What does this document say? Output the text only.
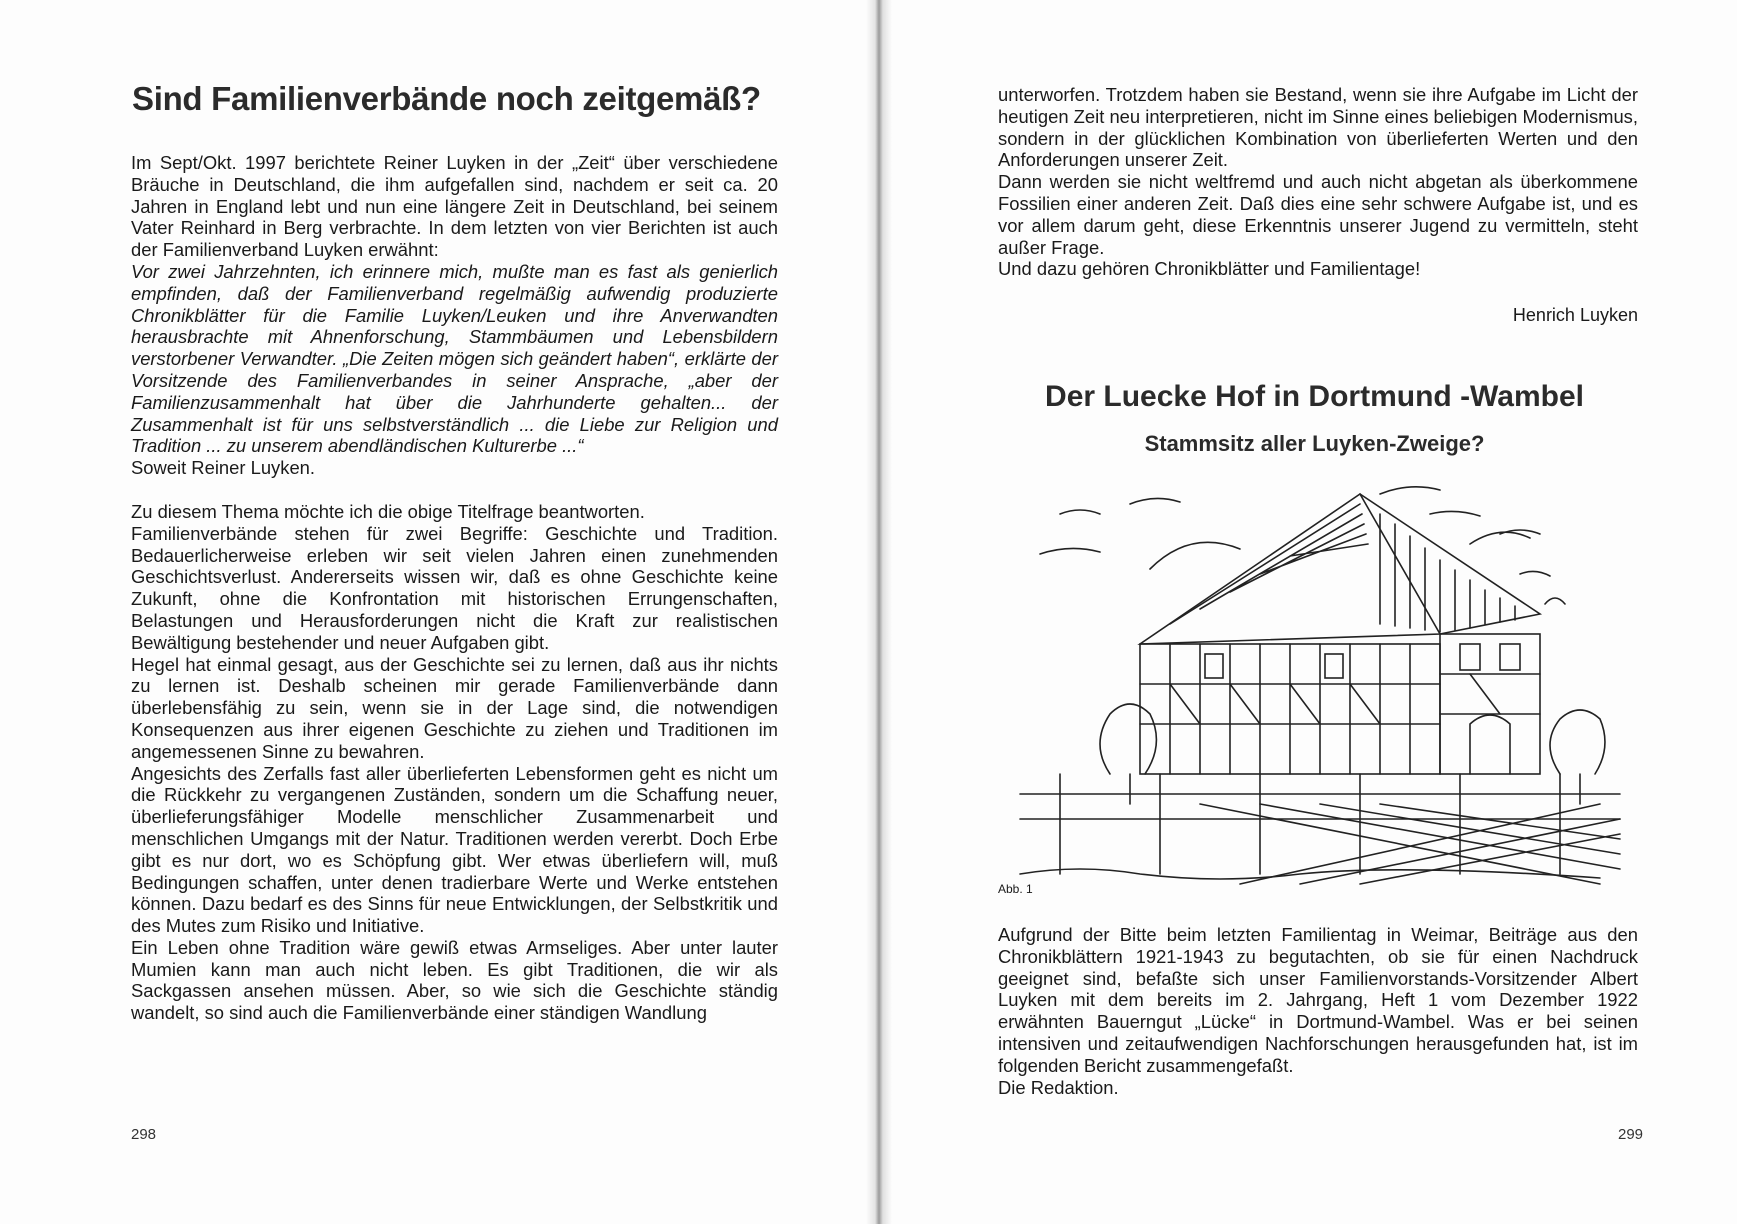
Sind Familienverbände noch zeitgemäß?

Im Sept/Okt. 1997 berichtete Reiner Luyken in der „Zeit“ über verschiedene Bräuche in Deutschland, die ihm aufgefallen sind, nachdem er seit ca. 20 Jahren in England lebt und nun eine längere Zeit in Deutschland, bei seinem Vater Reinhard in Berg verbrachte. In dem letzten von vier Berichten ist auch der Familienverband Luyken erwähnt:

Vor zwei Jahrzehnten, ich erinnere mich, mußte man es fast als genierlich empfinden, daß der Familienverband regelmäßig aufwendig produzierte Chronikblätter für die Familie Luyken/Leuken und ihre Anverwandten herausbrachte mit Ahnenforschung, Stammbäumen und Lebensbildern verstorbener Verwandter. „Die Zeiten mögen sich geändert haben“, erklärte der Vorsitzende des Familienverbandes in seiner Ansprache, „aber der Familienzusammenhalt hat über die Jahrhunderte gehalten... der Zusammenhalt ist für uns selbstverständlich ... die Liebe zur Religion und Tradition ... zu unserem abendländischen Kulturerbe ...“

Soweit Reiner Luyken.

Zu diesem Thema möchte ich die obige Titelfrage beantworten.

Familienverbände stehen für zwei Begriffe: Geschichte und Tradition. Bedauerlicherweise erleben wir seit vielen Jahren einen zunehmenden Geschichtsverlust. Andererseits wissen wir, daß es ohne Geschichte keine Zukunft, ohne die Konfrontation mit historischen Errungenschaften, Belastungen und Herausforderungen nicht die Kraft zur realistischen Bewältigung bestehender und neuer Aufgaben gibt.

Hegel hat einmal gesagt, aus der Geschichte sei zu lernen, daß aus ihr nichts zu lernen ist. Deshalb scheinen mir gerade Familienverbände dann überlebensfähig zu sein, wenn sie in der Lage sind, die notwendigen Konsequenzen aus ihrer eigenen Geschichte zu ziehen und Traditionen im angemessenen Sinne zu bewahren.

Angesichts des Zerfalls fast aller überlieferten Lebensformen geht es nicht um die Rückkehr zu vergangenen Zuständen, sondern um die Schaffung neuer, überlieferungsfähiger Modelle menschlicher Zusammenarbeit und menschlichen Umgangs mit der Natur. Traditionen werden vererbt. Doch Erbe gibt es nur dort, wo es Schöpfung gibt. Wer etwas überliefern will, muß Bedingungen schaffen, unter denen tradierbare Werte und Werke entstehen können. Dazu bedarf es des Sinns für neue Entwicklungen, der Selbstkritik und des Mutes zum Risiko und Initiative.

Ein Leben ohne Tradition wäre gewiß etwas Armseliges. Aber unter lauter Mumien kann man auch nicht leben. Es gibt Traditionen, die wir als Sackgassen ansehen müssen. Aber, so wie sich die Geschichte ständig wandelt, so sind auch die Familienverbände einer ständigen Wandlung

298

unterworfen. Trotzdem haben sie Bestand, wenn sie ihre Aufgabe im Licht der heutigen Zeit neu interpretieren, nicht im Sinne eines beliebigen Modernismus, sondern in der glücklichen Kombination von überlieferten Werten und den Anforderungen unserer Zeit.

Dann werden sie nicht weltfremd und auch nicht abgetan als überkommene Fossilien einer anderen Zeit. Daß dies eine sehr schwere Aufgabe ist, und es vor allem darum geht, diese Erkenntnis unserer Jugend zu vermitteln, steht außer Frage.

Und dazu gehören Chronikblätter und Familientage!

Henrich Luyken
Der Luecke Hof in Dortmund -Wambel
Stammsitz aller Luyken-Zweige?
Abb. 1

Aufgrund der Bitte beim letzten Familientag in Weimar, Beiträge aus den Chronikblättern 1921-1943 zu begutachten, ob sie für einen Nachdruck geeignet sind, befaßte sich unser Familienvorstands-Vorsitzender Albert Luyken mit dem bereits im 2. Jahrgang, Heft 1 vom Dezember 1922 erwähnten Bauerngut „Lücke“ in Dortmund-Wambel. Was er bei seinen intensiven und zeitaufwendigen Nachforschungen herausgefunden hat, ist im folgenden Bericht zusammengefaßt.

Die Redaktion.

299
